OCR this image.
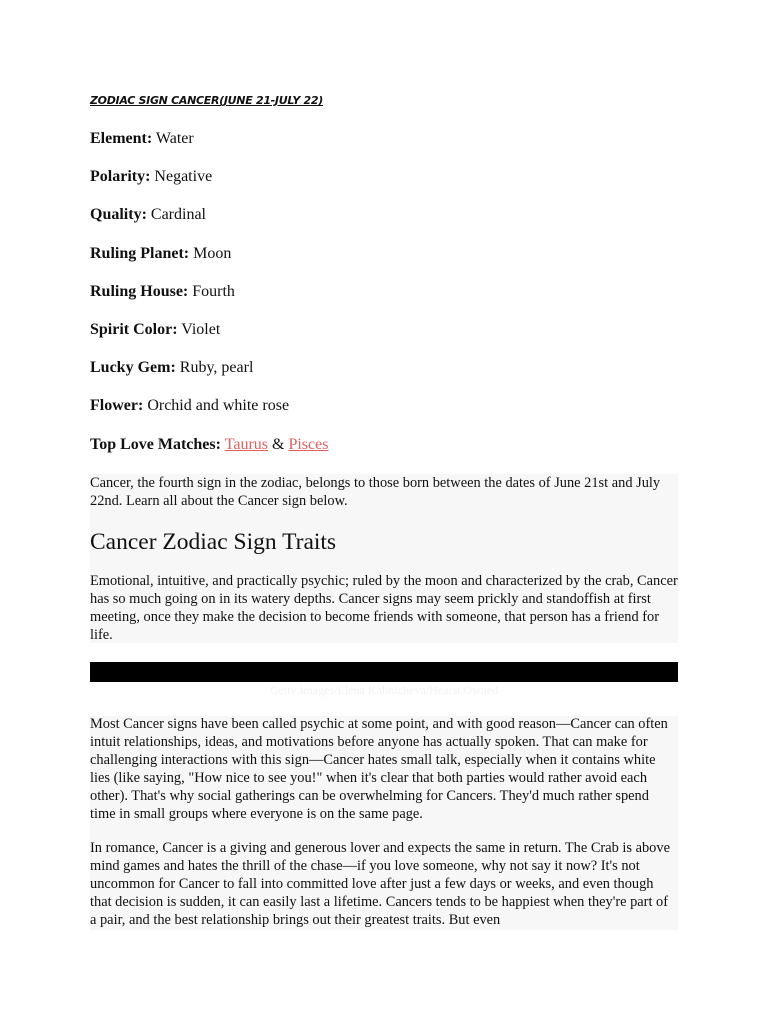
ZODIAC SIGN CANCER(JUNE 21-JULY 22)
Element: Water
Polarity: Negative
Quality: Cardinal
Ruling Planet: Moon
Ruling House: Fourth
Spirit Color: Violet
Lucky Gem: Ruby, pearl
Flower: Orchid and white rose
Top Love Matches: Taurus & Pisces

Cancer, the fourth sign in the zodiac, belongs to those born between the dates of June 21st and July 22nd. Learn all about the Cancer sign below.

Cancer Zodiac Sign Traits

Emotional, intuitive, and practically psychic; ruled by the moon and characterized by the crab, Cancer has so much going on in its watery depths. Cancer signs may seem prickly and standoffish at first meeting, once they make the decision to become friends with someone, that person has a friend for life.

Getty Images/Elena Kalinicheva/Hearst Owned

Most Cancer signs have been called psychic at some point, and with good reason—Cancer can often intuit relationships, ideas, and motivations before anyone has actually spoken. That can make for challenging interactions with this sign—Cancer hates small talk, especially when it contains white lies (like saying, "How nice to see you!" when it's clear that both parties would rather avoid each other). That's why social gatherings can be overwhelming for Cancers. They'd much rather spend time in small groups where everyone is on the same page.

In romance, Cancer is a giving and generous lover and expects the same in return. The Crab is above mind games and hates the thrill of the chase—if you love someone, why not say it now? It's not uncommon for Cancer to fall into committed love after just a few days or weeks, and even though that decision is sudden, it can easily last a lifetime. Cancers tends to be happiest when they're part of a pair, and the best relationship brings out their greatest traits. But even
